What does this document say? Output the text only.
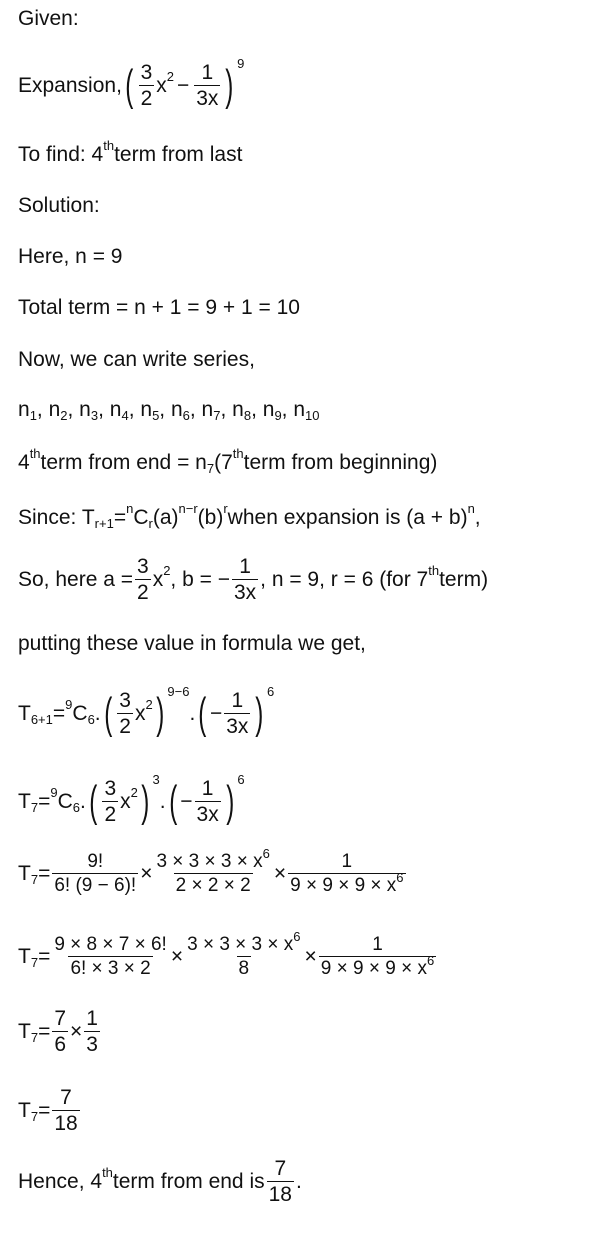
Given:
Expansion, ( $\frac{3}{2}$ x $2 - \frac{1}{3x}$ ) 9
To find: 4 th term from last
Solution:
Here, n = 9
Total term = n + 1 = 9 + 1 = 10
Now, we can write series,
n 1 , n 2 , n 3 , n 4 , n 5 , n 6 , n 7 , n 8 , n 9 , n 10
4 th term from end = n 7 (7 th term from beginning)
Since: T r+1 = n C r (a) n−r (b) r when expansion is (a + b) n ,
So, here $a = \frac{3}{2}$ x 2 , b = − $\frac{1}{3x}$ , n = 9, r = 6 (for 7 th term)
putting these value in formula we get,
T 6+1 = 9 C 6 . ( $\frac{3}{2}$ x 2 ) 9−6
. ( − $\frac{1}{3x}$ ) 6
T 7 = 9 C 6 . ( $\frac{3}{2}$ x 2 ) 3
. ( − $\frac{1}{3x}$ ) 6
T $7 = \frac{9!}{6! (9 - 6)!} \times \frac{3 \times 3 \times 3 \times x^6}{2 \times 2 \times 2} \times \frac{1}{9 \times 9 \times 9 \times x^6}$
T $7 = \frac{9 \times 8 \times 7 \times 6!}{6! \times 3 \times 2} \times \frac{3 \times 3 \times 3 \times x^6}{8} \times \frac{1}{9 \times 9 \times 9 \times x^6}$
T $7 = \frac{7}{6} \times \frac{1}{3}$
T $7 = \frac{7}{18}$
Hence, 4 th term from end is $\frac{7}{18}$ .
